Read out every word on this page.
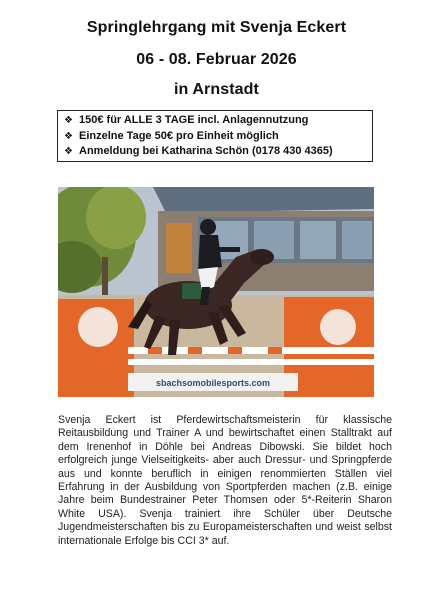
Springlehrgang mit Svenja Eckert
06 - 08. Februar 2026
in Arnstadt
❖ 150€ für ALLE 3 TAGE incl. Anlagennutzung
❖ Einzelne Tage 50€ pro Einheit möglich
❖ Anmeldung bei Katharina Schön (0178 430 4365)
sbachsomobilesports.com
Svenja Eckert ist Pferdewirtschaftsmeisterin für klassische Reitausbildung und Trainer A und bewirtschaftet einen Stalltrakt auf dem Irenenhof in Döhle bei Andreas Dibowski. Sie bildet hoch erfolgreich junge Vielseitigkeits- aber auch Dressur- und Springpferde aus und konnte beruflich in einigen renommierten Ställen viel Erfahrung in der Ausbildung von Sportpferden machen (z.B. einige Jahre beim Bundestrainer Peter Thomsen oder 5*-Reiterin Sharon White USA). Svenja trainiert ihre Schüler über Deutsche Jugendmeisterschaften bis zu Europameisterschaften und weist selbst internationale Erfolge bis CCI 3* auf.
